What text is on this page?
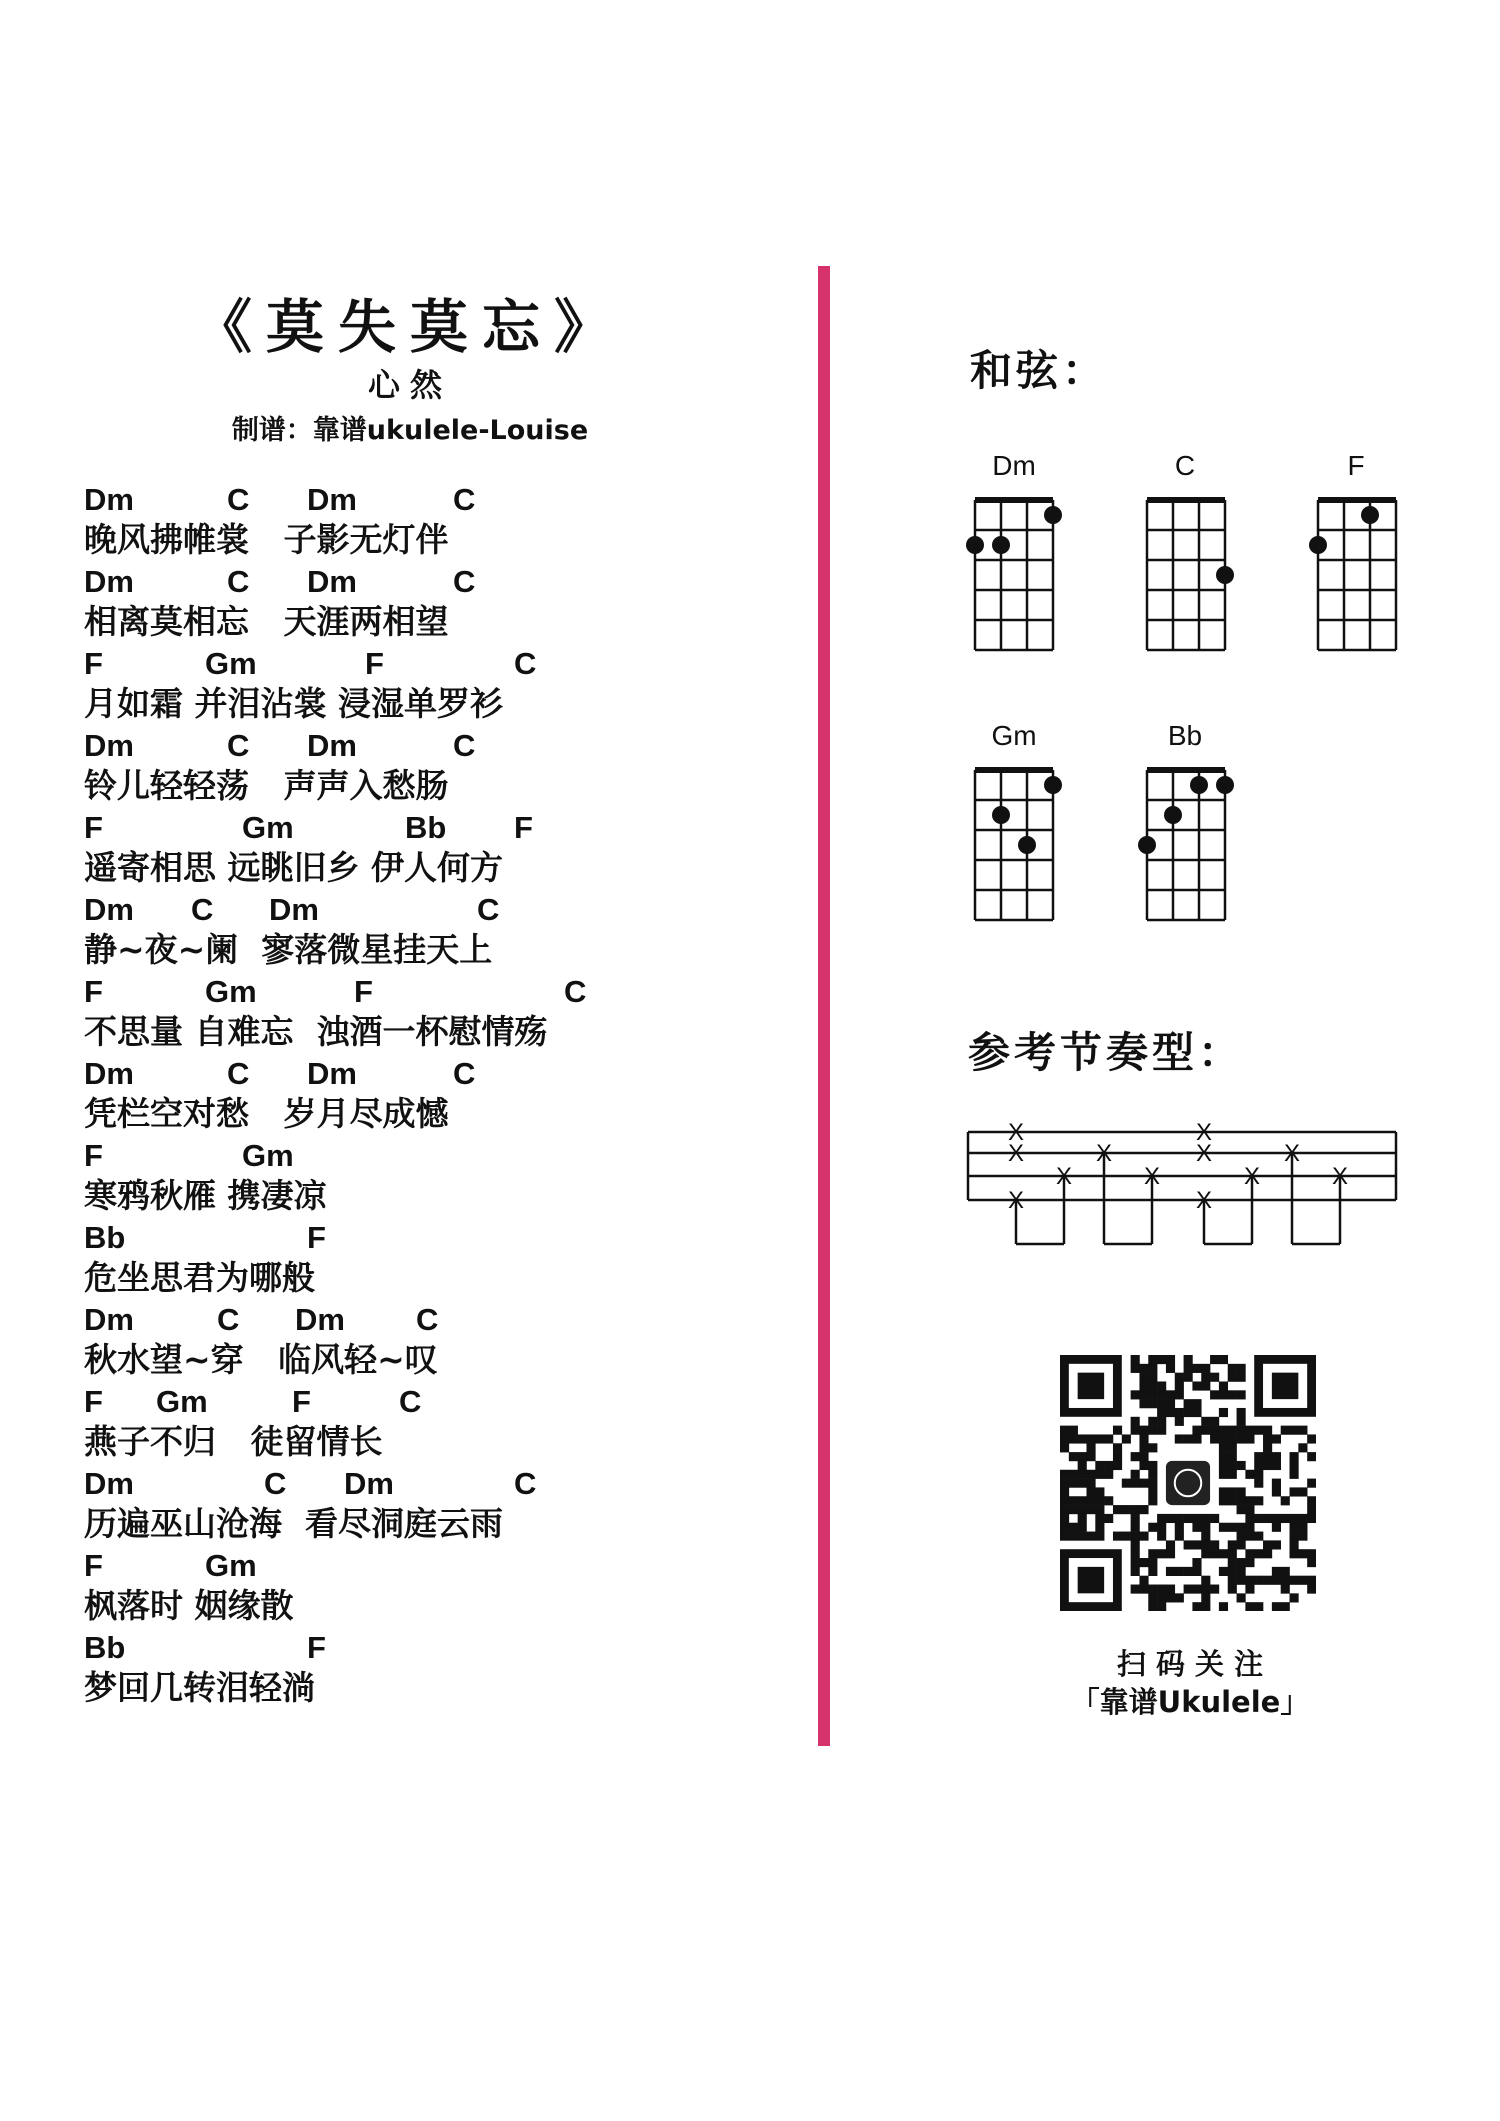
《莫失莫忘》
心然
制谱：靠谱ukulele-Louise
Dm	C Dm	C
晚风拂帷裳   子影无灯伴
Dm	C Dm	C
相离莫相忘   天涯两相望
F	Gm	F	C
月如霜 并泪沾裳 浸湿单罗衫
Dm	C Dm	C
铃儿轻轻荡   声声入愁肠
F	Gm	Bb F
遥寄相思 远眺旧乡 伊人何方
Dm C Dm	C
静~夜~阑  寥落微星挂天上
F	Gm	F	C
不思量 自难忘  浊酒一杯慰情殇
Dm	C Dm	C
凭栏空对愁   岁月尽成憾
F	Gm
寒鸦秋雁 携凄凉
Bb	F
危坐思君为哪般
Dm	C Dm C
秋水望~穿   临风轻~叹
F Gm	F	C
燕子不归   徒留情长
Dm	C Dm	C
历遍巫山沧海  看尽洞庭云雨
F	Gm
枫落时 姻缘散
Bb	F
梦回几转泪轻淌
和弦：
Dm	C	F
Gm	Bb
参考节奏型：
X
X
X
X
X
X
X
X
X
X
X
X
扫 码 关 注
「靠谱Ukulele」
